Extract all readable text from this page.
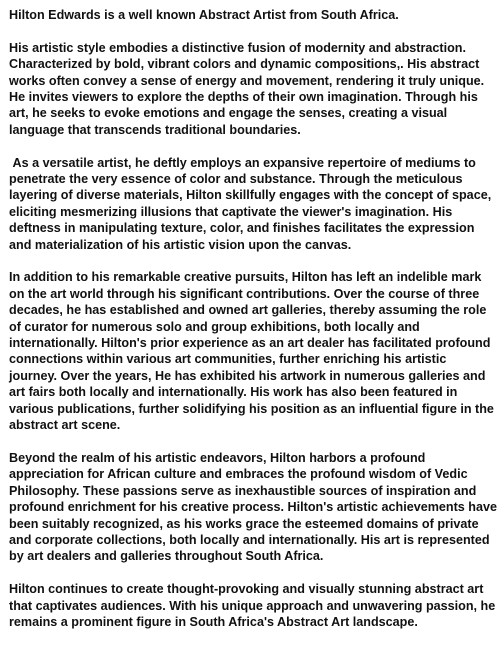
Hilton Edwards is a well known Abstract Artist from South Africa.

His artistic style embodies a distinctive fusion of modernity and abstraction. Characterized by bold, vibrant colors and dynamic compositions,. His abstract works often convey a sense of energy and movement, rendering it truly unique. He invites viewers to explore the depths of their own imagination. Through his art, he seeks to evoke emotions and engage the senses, creating a visual language that transcends traditional boundaries.

As a versatile artist, he deftly employs an expansive repertoire of mediums to penetrate the very essence of color and substance. Through the meticulous layering of diverse materials, Hilton skillfully engages with the concept of space, eliciting mesmerizing illusions that captivate the viewer's imagination. His deftness in manipulating texture, color, and finishes facilitates the expression and materialization of his artistic vision upon the canvas.

In addition to his remarkable creative pursuits, Hilton has left an indelible mark on the art world through his significant contributions. Over the course of three decades, he has established and owned art galleries, thereby assuming the role of curator for numerous solo and group exhibitions, both locally and internationally. Hilton's prior experience as an art dealer has facilitated profound connections within various art communities, further enriching his artistic journey. Over the years, He has exhibited his artwork in numerous galleries and art fairs both locally and internationally. His work has also been featured in various publications, further solidifying his position as an influential figure in the abstract art scene.

Beyond the realm of his artistic endeavors, Hilton harbors a profound appreciation for African culture and embraces the profound wisdom of Vedic Philosophy. These passions serve as inexhaustible sources of inspiration and profound enrichment for his creative process. Hilton's artistic achievements have been suitably recognized, as his works grace the esteemed domains of private and corporate collections, both locally and internationally. His art is represented by art dealers and galleries throughout South Africa.

Hilton continues to create thought-provoking and visually stunning abstract art that captivates audiences. With his unique approach and unwavering passion, he remains a prominent figure in South Africa's Abstract Art landscape.
